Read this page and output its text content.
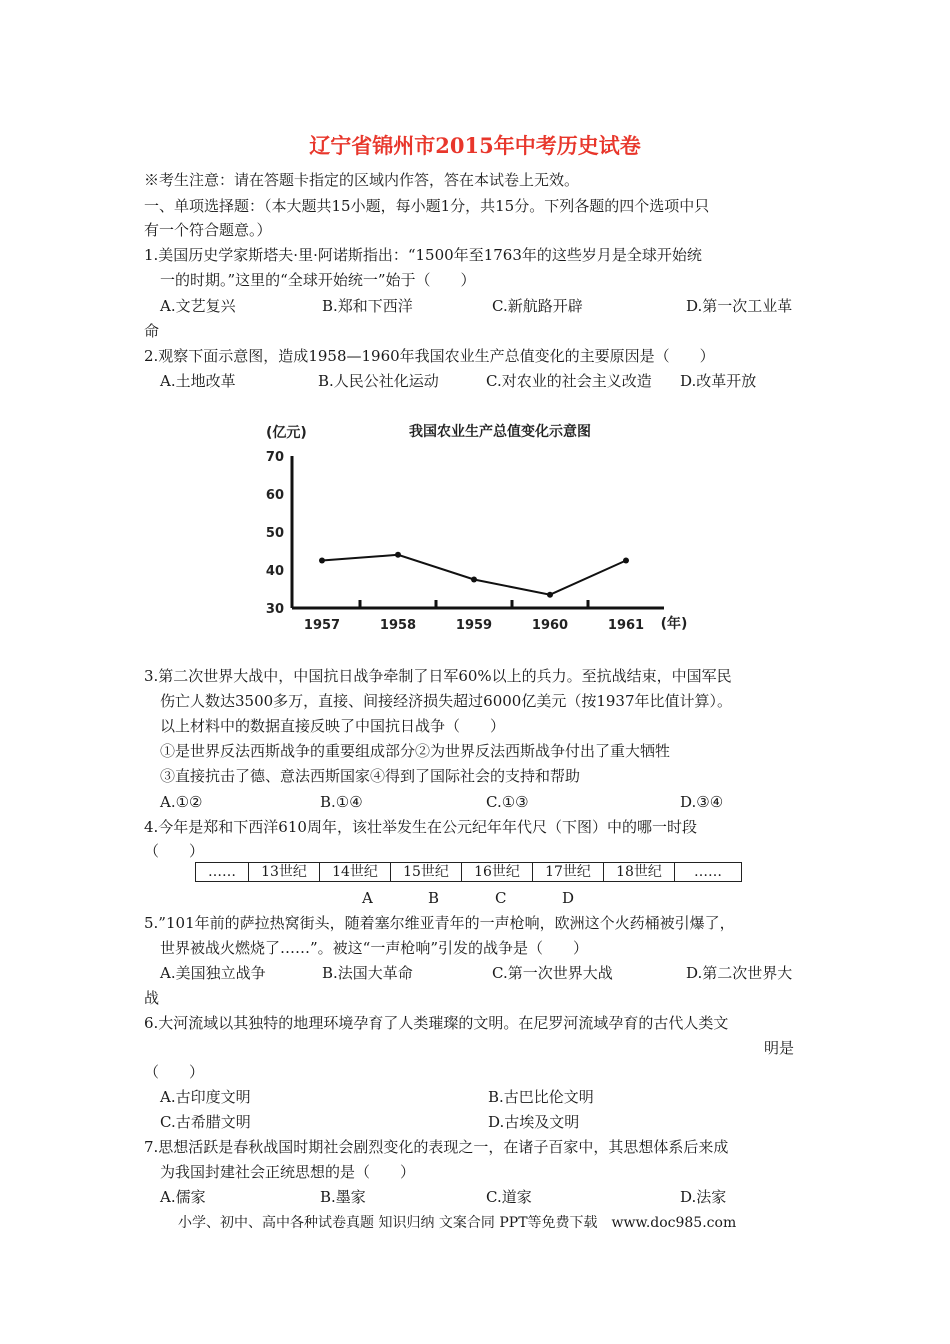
辽宁省锦州市2015年中考历史试卷
※考生注意：请在答题卡指定的区域内作答，答在本试卷上无效。
一、单项选择题：（本大题共15小题，每小题1分，共15分。下列各题的四个选项中只
有一个符合题意。）
1.美国历史学家斯塔夫·里·阿诺斯指出：“1500年至1763年的这些岁月是全球开始统
一的时期。”这里的“全球开始统一”始于（　　）
A.文艺复兴	B.郑和下西洋	C.新航路开辟	D.第一次工业革
命
2.观察下面示意图，造成1958—1960年我国农业生产总值变化的主要原因是（　　）
A.土地改革	B.人民公社化运动	C.对农业的社会主义改造 D.改革开放
(亿元)	我国农业生产总值变化示意图
30
40
50
60
70
1957	1958	1959	1960	1961 (年)
3.第二次世界大战中，中国抗日战争牵制了日军60%以上的兵力。至抗战结束，中国军民
伤亡人数达3500多万，直接、间接经济损失超过6000亿美元（按1937年比值计算）。
以上材料中的数据直接反映了中国抗日战争（　　）
①是世界反法西斯战争的重要组成部分②为世界反法西斯战争付出了重大牺牲
③直接抗击了德、意法西斯国家④得到了国际社会的支持和帮助
A.①②	B.①④	C.①③	D.③④
4.今年是郑和下西洋610周年，该壮举发生在公元纪年年代尺（下图）中的哪一时段
（　　）
……	13世纪	14世纪	15世纪	16世纪	17世纪	18世纪	……
A	B	C	D
5.”101年前的萨拉热窝街头，随着塞尔维亚青年的一声枪响，欧洲这个火药桶被引爆了，
世界被战火燃烧了……”。被这“一声枪响”引发的战争是（　　）
A.美国独立战争	B.法国大革命	C.第一次世界大战	D.第二次世界大
战
6.大河流域以其独特的地理环境孕育了人类璀璨的文明。在尼罗河流域孕育的古代人类文
明是
（　　）
A.古印度文明	B.古巴比伦文明
C.古希腊文明	D.古埃及文明
7.思想活跃是春秋战国时期社会剧烈变化的表现之一，在诸子百家中，其思想体系后来成
为我国封建社会正统思想的是（　　）
A.儒家	B.墨家	C.道家	D.法家
小学、初中、高中各种试卷真题 知识归纳 文案合同 PPT等免费下载　www.doc985.com
